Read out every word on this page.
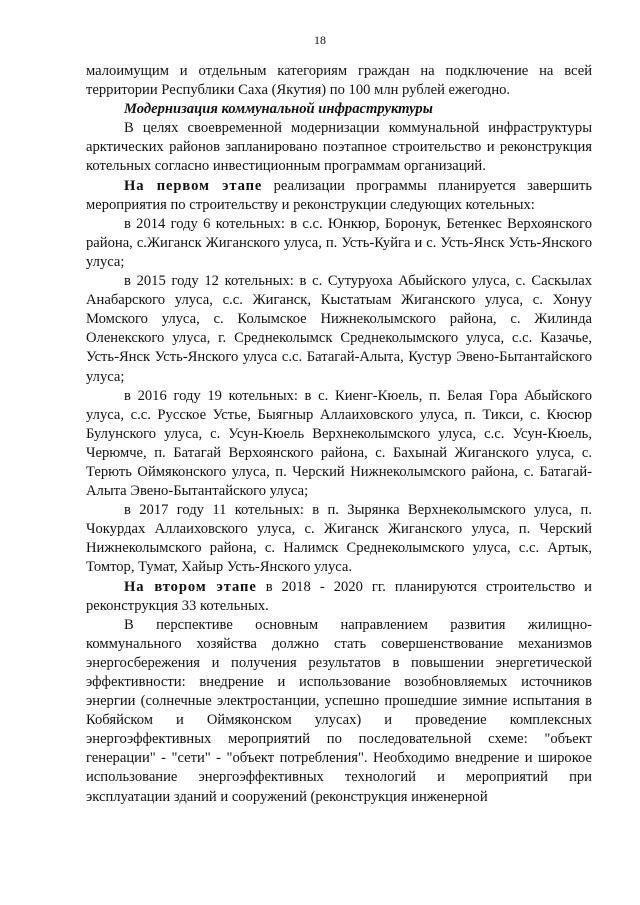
18

малоимущим и отдельным категориям граждан на подключение на всей территории Республики Саха (Якутия) по 100 млн рублей ежегодно.

Модернизация коммунальной инфраструктуры

В целях своевременной модернизации коммунальной инфраструктуры арктических районов запланировано поэтапное строительство и реконструкция котельных согласно инвестиционным программам организаций.

На первом этапе реализации программы планируется завершить мероприятия по строительству и реконструкции следующих котельных:

в 2014 году 6 котельных: в с.с. Юнкюр, Боронук, Бетенкес Верхоянского района, с.Жиганск Жиганского улуса, п. Усть-Куйга и с. Усть-Янск Усть-Янского улуса;

в 2015 году 12 котельных: в с. Сутуруоха Абыйского улуса, с. Саскылах Анабарского улуса, с.с. Жиганск, Кыстатыам Жиганского улуса, с. Хонуу Момского улуса, с. Колымское Нижнеколымского района, с. Жилинда Оленекского улуса, г. Среднеколымск Среднеколымского улуса, с.с. Казачье, Усть-Янск Усть-Янского улуса с.с. Батагай-Алыта, Кустур Эвено-Бытантайского улуса;

в 2016 году 19 котельных: в с. Киенг-Кюель, п. Белая Гора Абыйского улуса, с.с. Русское Устье, Быягныр Аллаиховского улуса, п. Тикси, с. Кюсюр Булунского улуса, с. Усун-Кюель Верхнеколымского улуса, с.с. Усун-Кюель, Черюмче, п. Батагай Верхоянского района, с. Бахынай Жиганского улуса, с. Терють Оймяконского улуса, п. Черский Нижнеколымского района, с. Батагай-Алыта Эвено-Бытантайского улуса;

в 2017 году 11 котельных: в п. Зырянка Верхнеколымского улуса, п. Чокурдах Аллаиховского улуса, с. Жиганск Жиганского улуса, п. Черский Нижнеколымского района, с. Налимск Среднеколымского улуса, с.с. Артык, Томтор, Тумат, Хайыр Усть-Янского улуса.

На втором этапе в 2018 - 2020 гг. планируются строительство и реконструкция 33 котельных.

В перспективе основным направлением развития жилищно-коммунального хозяйства должно стать совершенствование механизмов энергосбережения и получения результатов в повышении энергетической эффективности: внедрение и использование возобновляемых источников энергии (солнечные электростанции, успешно прошедшие зимние испытания в Кобяйском и Оймяконском улусах) и проведение комплексных энергоэффективных мероприятий по последовательной схеме: "объект генерации" - "сети" - "объект потребления". Необходимо внедрение и широкое использование энергоэффективных технологий и мероприятий при эксплуатации зданий и сооружений (реконструкция инженерной
